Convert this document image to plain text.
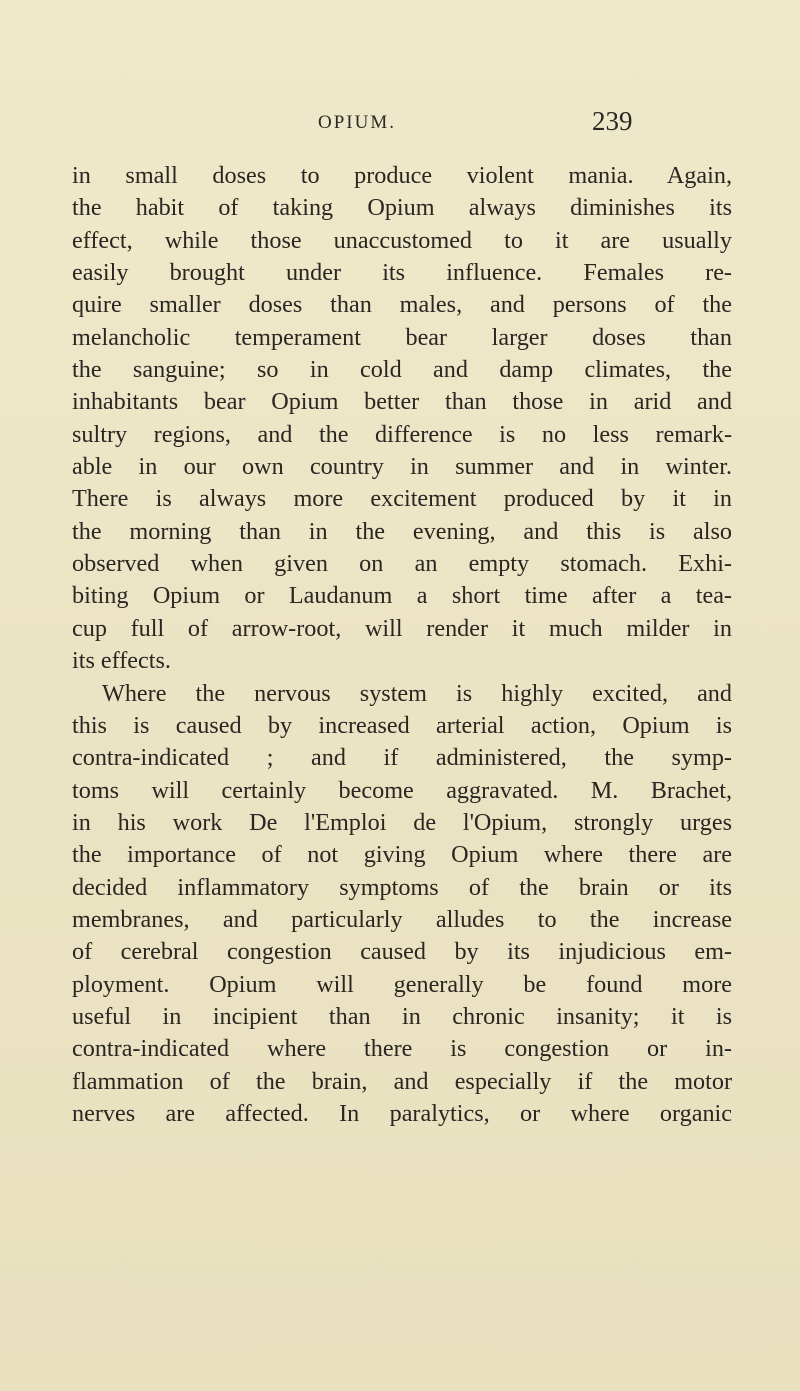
OPIUM.	239
in small doses to produce violent mania. Again,
the habit of taking Opium always diminishes its
effect, while those unaccustomed to it are usually
easily brought under its influence. Females re-
quire smaller doses than males, and persons of the
melancholic temperament bear larger doses than
the sanguine; so in cold and damp climates, the
inhabitants bear Opium better than those in arid and
sultry regions, and the difference is no less remark-
able in our own country in summer and in winter.
There is always more excitement produced by it in
the morning than in the evening, and this is also
observed when given on an empty stomach. Exhi-
biting Opium or Laudanum a short time after a tea-
cup full of arrow-root, will render it much milder in
its effects.
Where the nervous system is highly excited, and
this is caused by increased arterial action, Opium is
contra-indicated ; and if administered, the symp-
toms will certainly become aggravated. M. Brachet,
in his work De l'Emploi de l'Opium, strongly urges
the importance of not giving Opium where there are
decided inflammatory symptoms of the brain or its
membranes, and particularly alludes to the increase
of cerebral congestion caused by its injudicious em-
ployment. Opium will generally be found more
useful in incipient than in chronic insanity; it is
contra-indicated where there is congestion or in-
flammation of the brain, and especially if the motor
nerves are affected. In paralytics, or where organic
